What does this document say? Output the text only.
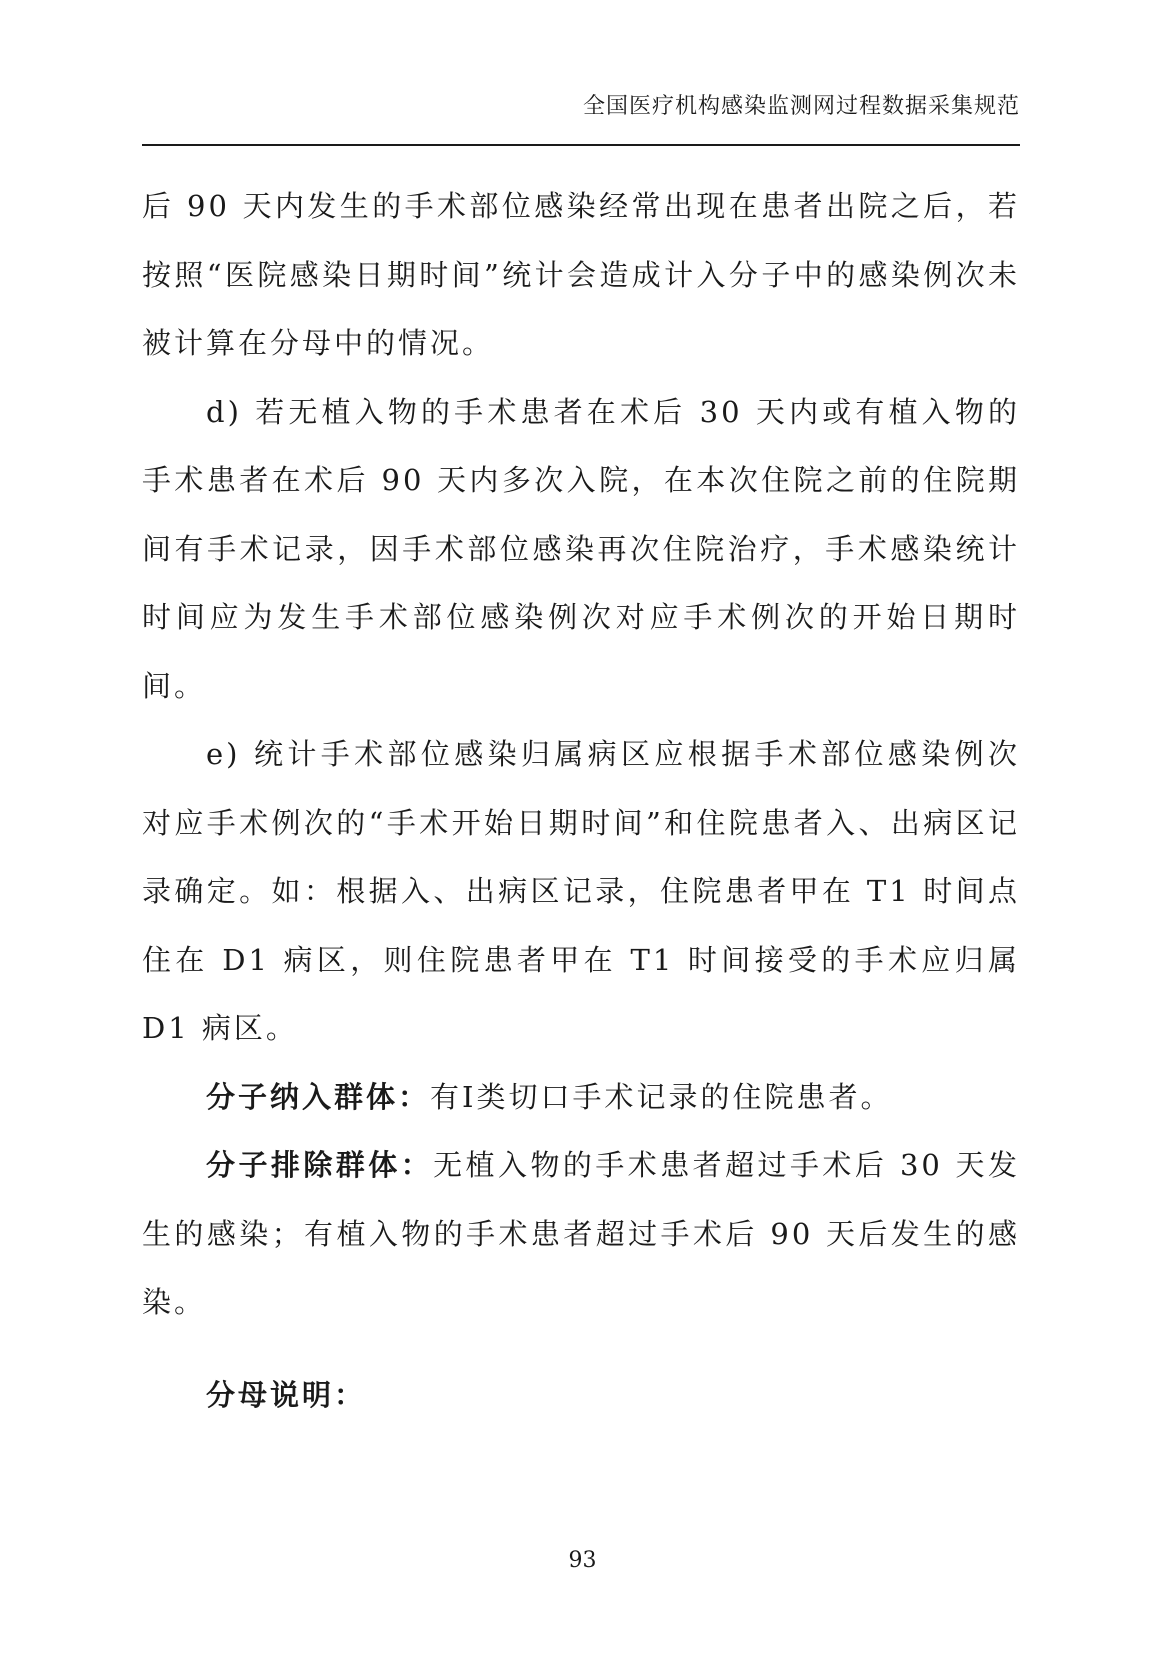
全国医疗机构感染监测网过程数据采集规范

后 90 天内发生的手术部位感染经常出现在患者出院之后，若按照“医院感染日期时间”统计会造成计入分子中的感染例次未被计算在分母中的情况。

d) 若无植入物的手术患者在术后 30 天内或有植入物的手术患者在术后 90 天内多次入院，在本次住院之前的住院期间有手术记录，因手术部位感染再次住院治疗，手术感染统计时间应为发生手术部位感染例次对应手术例次的开始日期时间。

e) 统计手术部位感染归属病区应根据手术部位感染例次对应手术例次的“手术开始日期时间”和住院患者入、出病区记录确定。如：根据入、出病区记录，住院患者甲在 T1 时间点住在 D1 病区，则住院患者甲在 T1 时间接受的手术应归属 D1 病区。

分子纳入群体：有I类切口手术记录的住院患者。

分子排除群体：无植入物的手术患者超过手术后 30 天发生的感染；有植入物的手术患者超过手术后 90 天后发生的感染。

分母说明：

93
